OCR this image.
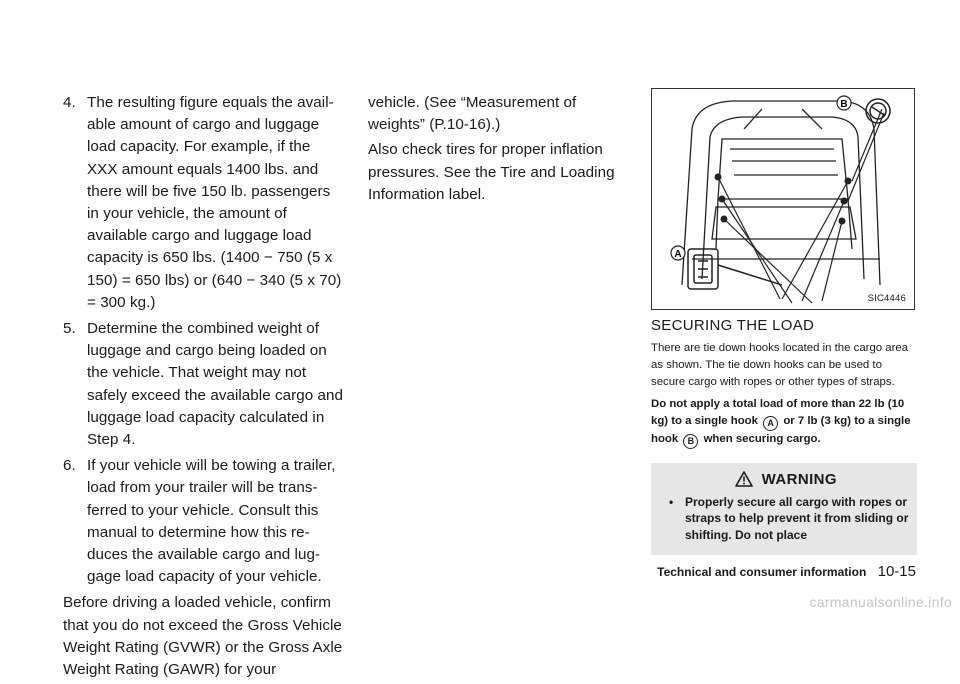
4. The resulting figure equals the avail-able amount of cargo and luggage load capacity. For example, if the XXX amount equals 1400 lbs. and there will be five 150 lb. passengers in your vehicle, the amount of available cargo and luggage load capacity is 650 lbs. (1400 − 750 (5 x 150) = 650 lbs) or (640 − 340 (5 x 70) = 300 kg.)
5. Determine the combined weight of luggage and cargo being loaded on the vehicle. That weight may not safely exceed the available cargo and luggage load capacity calculated in Step 4.
6. If your vehicle will be towing a trailer, load from your trailer will be trans-ferred to your vehicle. Consult this manual to determine how this re-duces the available cargo and lug-gage load capacity of your vehicle.

Before driving a loaded vehicle, confirm that you do not exceed the Gross Vehicle Weight Rating (GVWR) or the Gross Axle Weight Rating (GAWR) for your

vehicle. (See “Measurement of weights” (P.10-16).)

Also check tires for proper inflation pressures. See the Tire and Loading Information label.

B
A
SIC4446
SECURING THE LOAD

There are tie down hooks located in the cargo area as shown. The tie down hooks can be used to secure cargo with ropes or other types of straps.

Do not apply a total load of more than 22 lb (10 kg) to a single hook A or 7 lb (3 kg) to a single hook B when securing cargo.

WARNING
• Properly secure all cargo with ropes or straps to help prevent it from sliding or shifting. Do not place
Technical and consumer information 10-15
carmanualsonline.info
